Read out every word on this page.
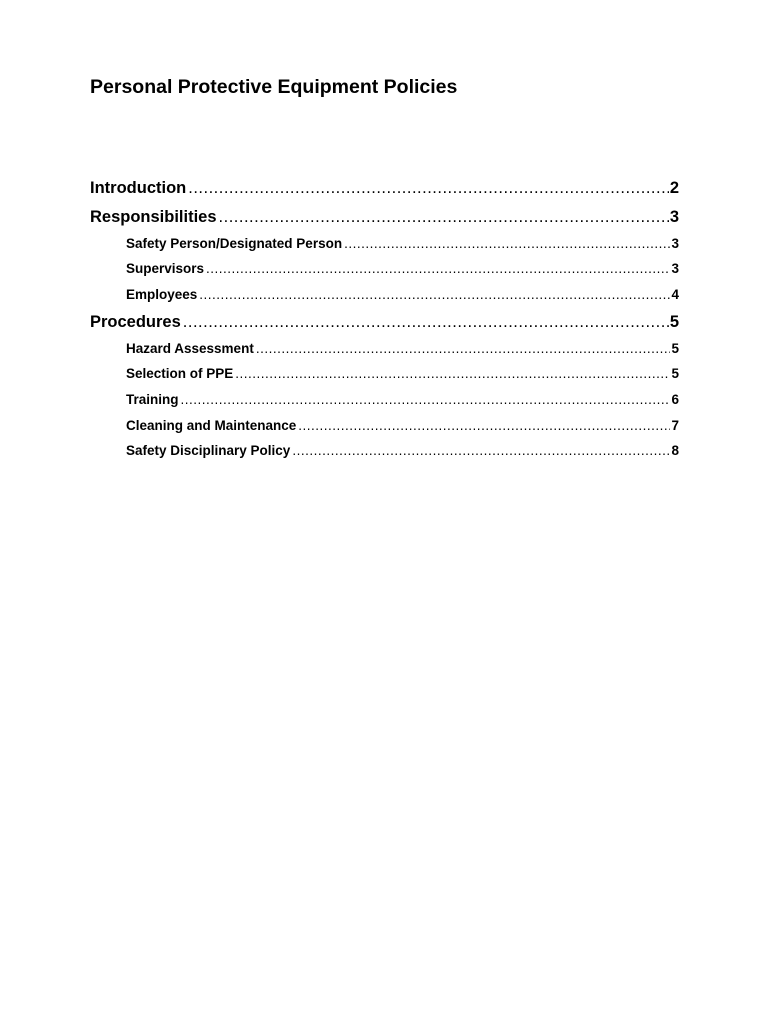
Personal Protective Equipment Policies
Introduction .....	2
Responsibilities .....	3
Safety Person/Designated Person .....	3
Supervisors .....	3
Employees .....	4
Procedures .....	5
Hazard Assessment .....	5
Selection of PPE .....	5
Training .....	6
Cleaning and Maintenance .....	7
Safety Disciplinary Policy .....	8
